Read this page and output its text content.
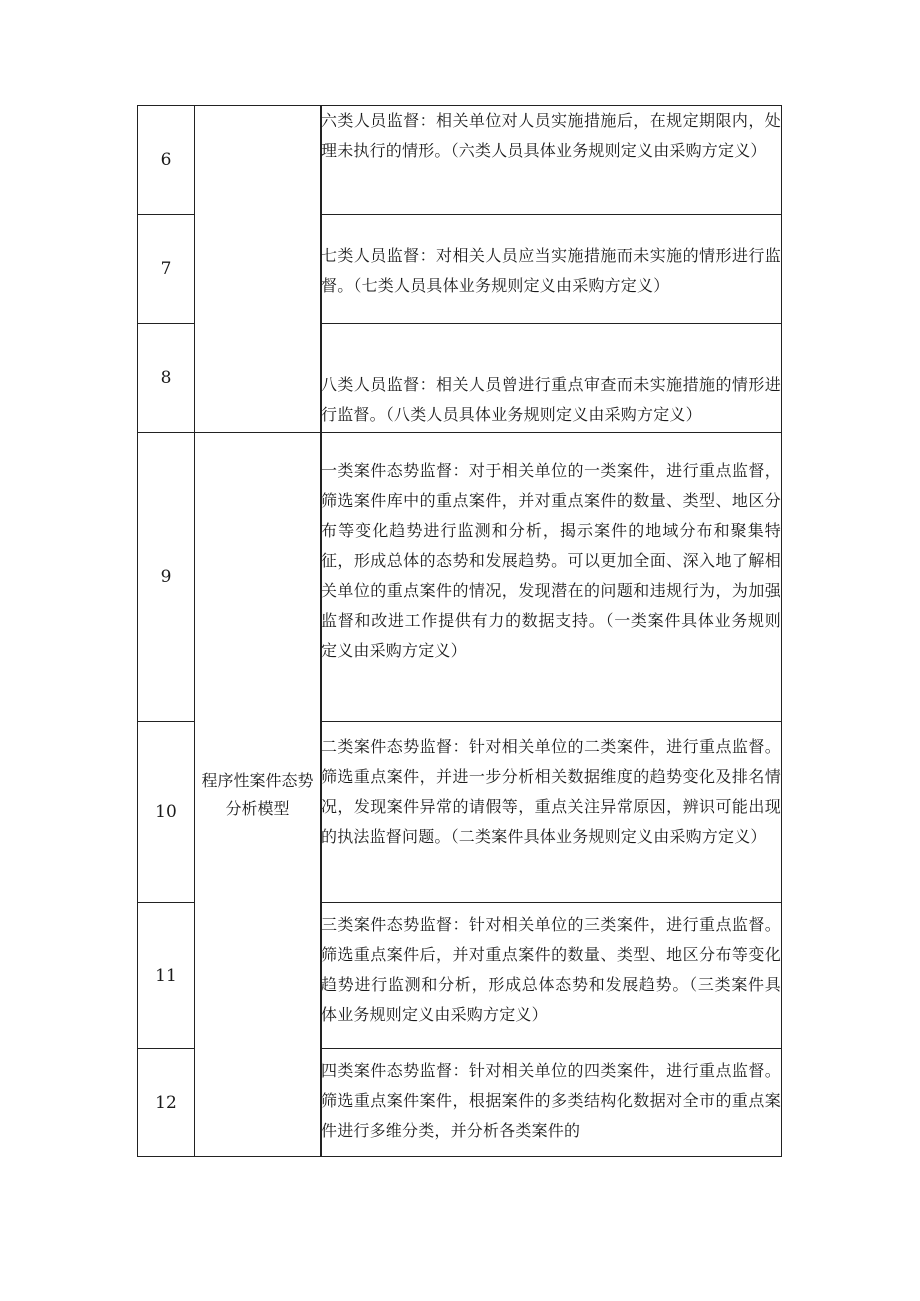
6		六类人员监督：相关单位对人员实施措施后，在规定期限内，处理未执行的情形。（六类人员具体业务规则定义由采购方定义）

7		七类人员监督：对相关人员应当实施措施而未实施的情形进行监督。（七类人员具体业务规则定义由采购方定义）

8		八类人员监督：相关人员曾进行重点审查而未实施措施的情形进行监督。（八类人员具体业务规则定义由采购方定义）

9	程序性案件态势分析模型	一类案件态势监督：对于相关单位的一类案件，进行重点监督，筛选案件库中的重点案件，并对重点案件的数量、类型、地区分布等变化趋势进行监测和分析，揭示案件的地域分布和聚集特征，形成总体的态势和发展趋势。可以更加全面、深入地了解相关单位的重点案件的情况，发现潜在的问题和违规行为，为加强监督和改进工作提供有力的数据支持。（一类案件具体业务规则定义由采购方定义）

10		二类案件态势监督：针对相关单位的二类案件，进行重点监督。筛选重点案件，并进一步分析相关数据维度的趋势变化及排名情况，发现案件异常的请假等，重点关注异常原因，辨识可能出现的执法监督问题。（二类案件具体业务规则定义由采购方定义）

11		三类案件态势监督：针对相关单位的三类案件，进行重点监督。筛选重点案件后，并对重点案件的数量、类型、地区分布等变化趋势进行监测和分析，形成总体态势和发展趋势。（三类案件具体业务规则定义由采购方定义）

12		四类案件态势监督：针对相关单位的四类案件，进行重点监督。筛选重点案件案件，根据案件的多类结构化数据对全市的重点案件进行多维分类，并分析各类案件的
